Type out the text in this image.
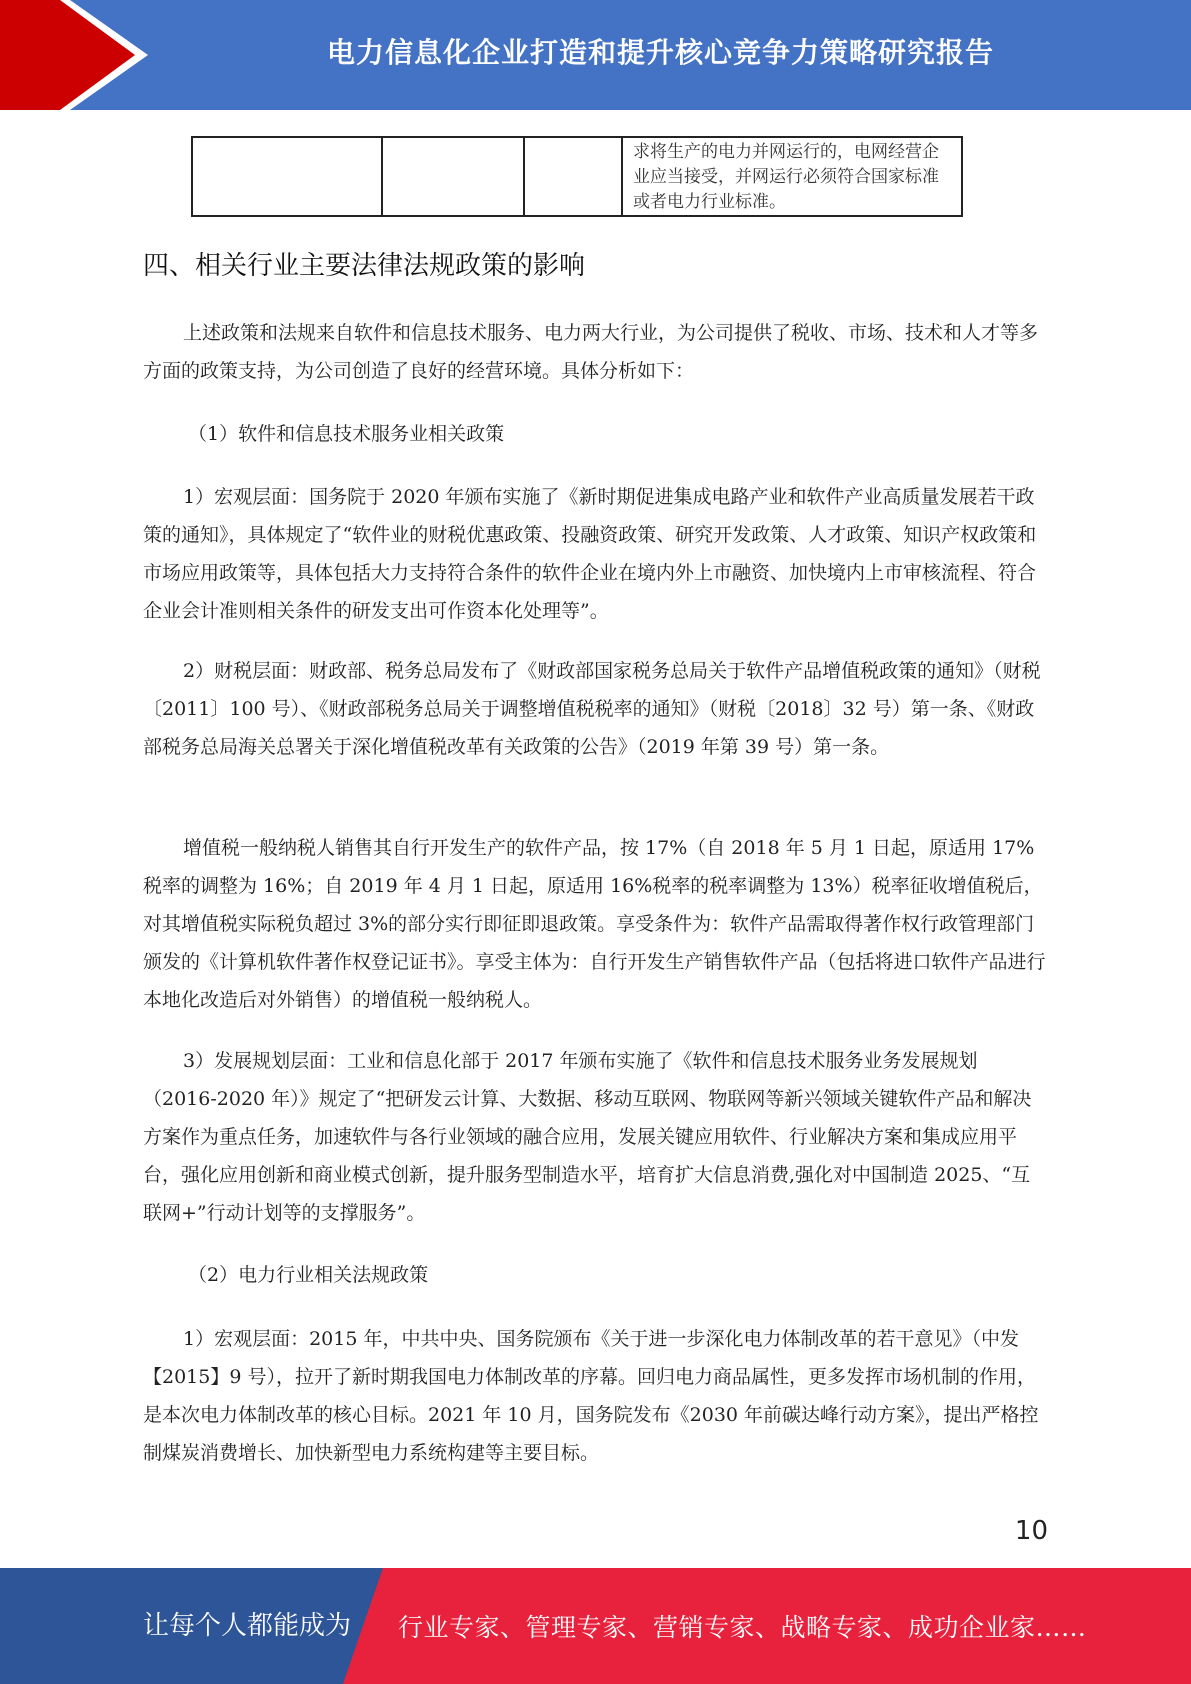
电力信息化企业打造和提升核心竞争力策略研究报告
			求将生产的电力并网运行的，电网经营企业应当接受，并网运行必须符合国家标准或者电力行业标准。
四、相关行业主要法律法规政策的影响

上述政策和法规来自软件和信息技术服务、电力两大行业，为公司提供了税收、市场、技术和人才等多方面的政策支持，为公司创造了良好的经营环境。具体分析如下：

（1）软件和信息技术服务业相关政策

1）宏观层面：国务院于 2020 年颁布实施了《新时期促进集成电路产业和软件产业高质量发展若干政策的通知》，具体规定了“软件业的财税优惠政策、投融资政策、研究开发政策、人才政策、知识产权政策和市场应用政策等，具体包括大力支持符合条件的软件企业在境内外上市融资、加快境内上市审核流程、符合企业会计准则相关条件的研发支出可作资本化处理等”。

2）财税层面：财政部、税务总局发布了《财政部国家税务总局关于软件产品增值税政策的通知》（财税〔2011〕100 号）、《财政部税务总局关于调整增值税税率的通知》（财税〔2018〕32 号）第一条、《财政部税务总局海关总署关于深化增值税改革有关政策的公告》（2019 年第 39 号）第一条。

增值税一般纳税人销售其自行开发生产的软件产品，按 17%（自 2018 年 5 月 1 日起，原适用 17%税率的调整为 16%；自 2019 年 4 月 1 日起，原适用 16%税率的税率调整为 13%）税率征收增值税后，对其增值税实际税负超过 3%的部分实行即征即退政策。享受条件为：软件产品需取得著作权行政管理部门颁发的《计算机软件著作权登记证书》。享受主体为：自行开发生产销售软件产品（包括将进口软件产品进行本地化改造后对外销售）的增值税一般纳税人。

3）发展规划层面：工业和信息化部于 2017 年颁布实施了《软件和信息技术服务业务发展规划（2016-2020 年）》规定了“把研发云计算、大数据、移动互联网、物联网等新兴领域关键软件产品和解决方案作为重点任务，加速软件与各行业领域的融合应用，发展关键应用软件、行业解决方案和集成应用平台，强化应用创新和商业模式创新，提升服务型制造水平，培育扩大信息消费,强化对中国制造 2025、“互联网+”行动计划等的支撑服务”。

（2）电力行业相关法规政策

1）宏观层面：2015 年，中共中央、国务院颁布《关于进一步深化电力体制改革的若干意见》（中发【2015】9 号），拉开了新时期我国电力体制改革的序幕。回归电力商品属性，更多发挥市场机制的作用，是本次电力体制改革的核心目标。2021 年 10 月，国务院发布《2030 年前碳达峰行动方案》，提出严格控制煤炭消费增长、加快新型电力系统构建等主要目标。

10
让每个人都能成为 行业专家、管理专家、营销专家、战略专家、成功企业家……
